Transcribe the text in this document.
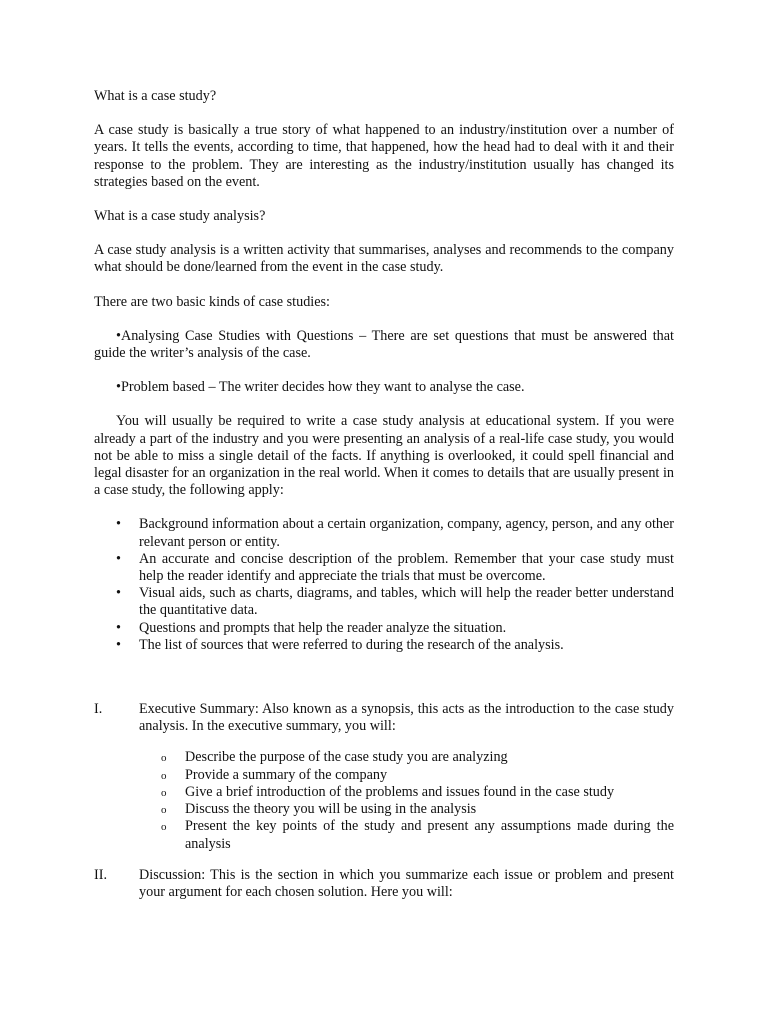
What is a case study?

A case study is basically a true story of what happened to an industry/institution over a number of years. It tells the events, according to time, that happened, how the head had to deal with it and their response to the problem. They are interesting as the industry/institution usually has changed its strategies based on the event.

What is a case study analysis?

A case study analysis is a written activity that summarises, analyses and recommends to the company what should be done/learned from the event in the case study.

There are two basic kinds of case studies:

•Analysing Case Studies with Questions – There are set questions that must be answered that guide the writer’s analysis of the case.

•Problem based – The writer decides how they want to analyse the case.

You will usually be required to write a case study analysis at educational system. If you were already a part of the industry and you were presenting an analysis of a real-life case study, you would not be able to miss a single detail of the facts. If anything is overlooked, it could spell financial and legal disaster for an organization in the real world. When it comes to details that are usually present in a case study, the following apply:

• Background information about a certain organization, company, agency, person, and any other relevant person or entity.
• An accurate and concise description of the problem. Remember that your case study must help the reader identify and appreciate the trials that must be overcome.
• Visual aids, such as charts, diagrams, and tables, which will help the reader better understand the quantitative data.
• Questions and prompts that help the reader analyze the situation.
• The list of sources that were referred to during the research of the analysis.
I.	Executive Summary: Also known as a synopsis, this acts as the introduction to the case study analysis. In the executive summary, you will:

o Describe the purpose of the case study you are analyzing
o Provide a summary of the company
o Give a brief introduction of the problems and issues found in the case study
o Discuss the theory you will be using in the analysis
o Present the key points of the study and present any assumptions made during the analysis
II. Discussion: This is the section in which you summarize each issue or problem and present your argument for each chosen solution. Here you will:
